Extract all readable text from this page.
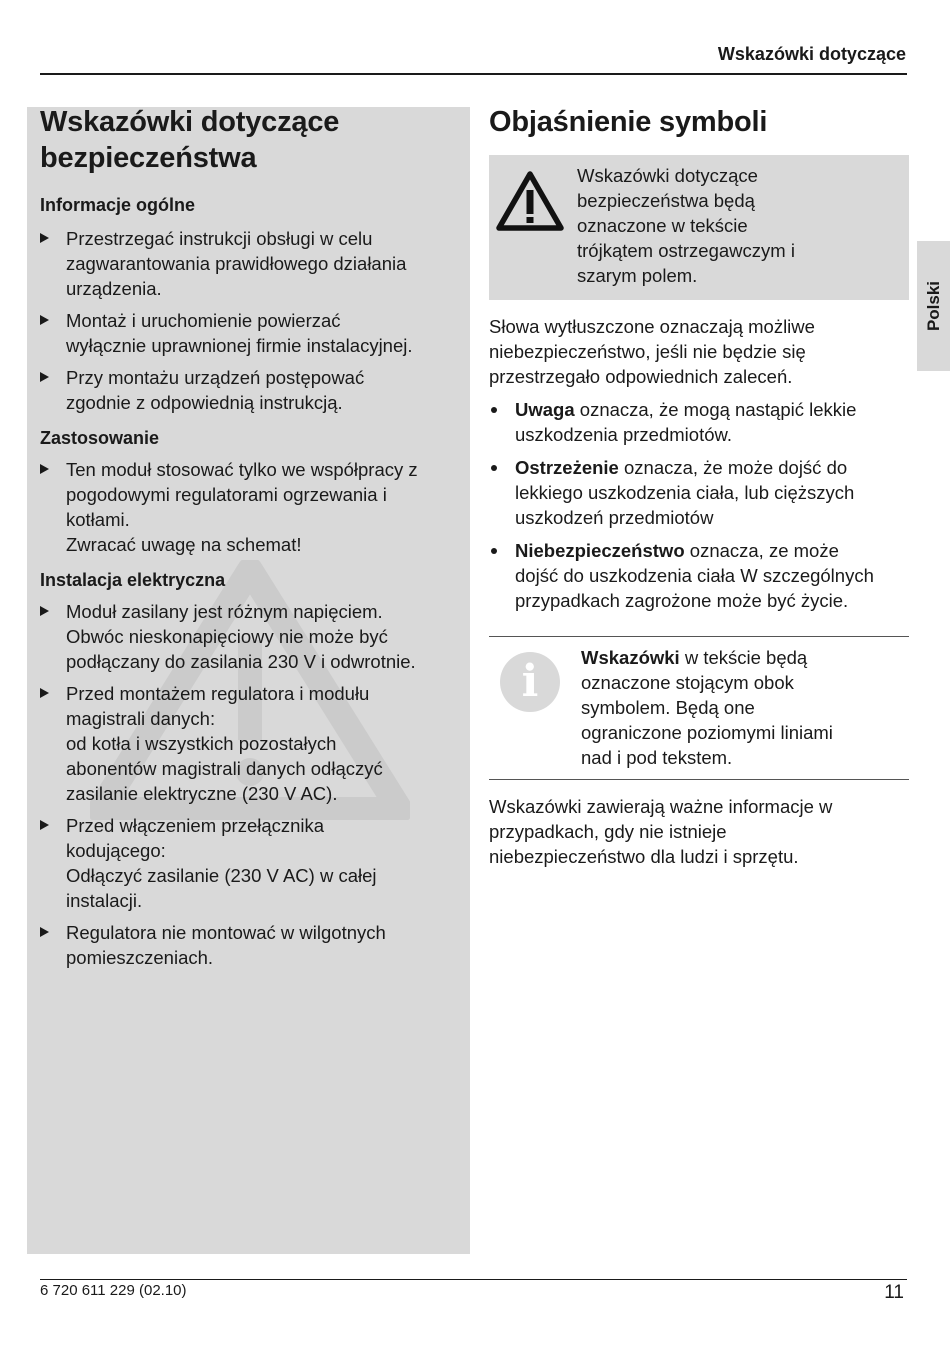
Wskazówki dotyczące
Polski
Wskazówki dotyczące
bezpieczeństwa

Informacje ogólne

Przestrzegać instrukcji obsługi w celu
zagwarantowania prawidłowego działania
urządzenia.
Montaż i uruchomienie powierzać
wyłącznie uprawnionej firmie instalacyjnej.
Przy montażu urządzeń postępować
zgodnie z odpowiednią instrukcją.

Zastosowanie

Ten moduł stosować tylko we współpracy z
pogodowymi regulatorami ogrzewania i
kotłami.
Zwracać uwagę na schemat!

Instalacja elektryczna

Moduł zasilany jest różnym napięciem.
Obwóc nieskonapięciowy nie może być
podłączany do zasilania 230 V i odwrotnie.
Przed montażem regulatora i modułu
magistrali danych:
od kotła i wszystkich pozostałych
abonentów magistrali danych odłączyć
zasilanie elektryczne (230 V AC).
Przed włączeniem przełącznika
kodującego:
Odłączyć zasilanie (230 V AC) w całej
instalacji.
Regulatora nie montować w wilgotnych
pomieszczeniach.
Objaśnienie symboli
Wskazówki dotyczące
bezpieczeństwa będą
oznaczone w tekście
trójkątem ostrzegawczym i
szarym polem.

Słowa wytłuszczone oznaczają możliwe
niebezpieczeństwo, jeśli nie będzie się
przestrzegało odpowiednich zaleceń.

Uwaga oznacza, że mogą nastąpić lekkie
uszkodzenia przedmiotów.
Ostrzeżenie oznacza, że może dojść do
lekkiego uszkodzenia ciała, lub cięższych
uszkodzeń przedmiotów
Niebezpieczeństwo oznacza, ze może
dojść do uszkodzenia ciała W szczególnych
przypadkach zagrożone może być życie.
i	Wskazówki w tekście będą
oznaczone stojącym obok
symbolem. Będą one
ograniczone poziomymi liniami
nad i pod tekstem.

Wskazówki zawierają ważne informacje w
przypadkach, gdy nie istnieje
niebezpieczeństwo dla ludzi i sprzętu.

6 720 611 229 (02.10)	11
